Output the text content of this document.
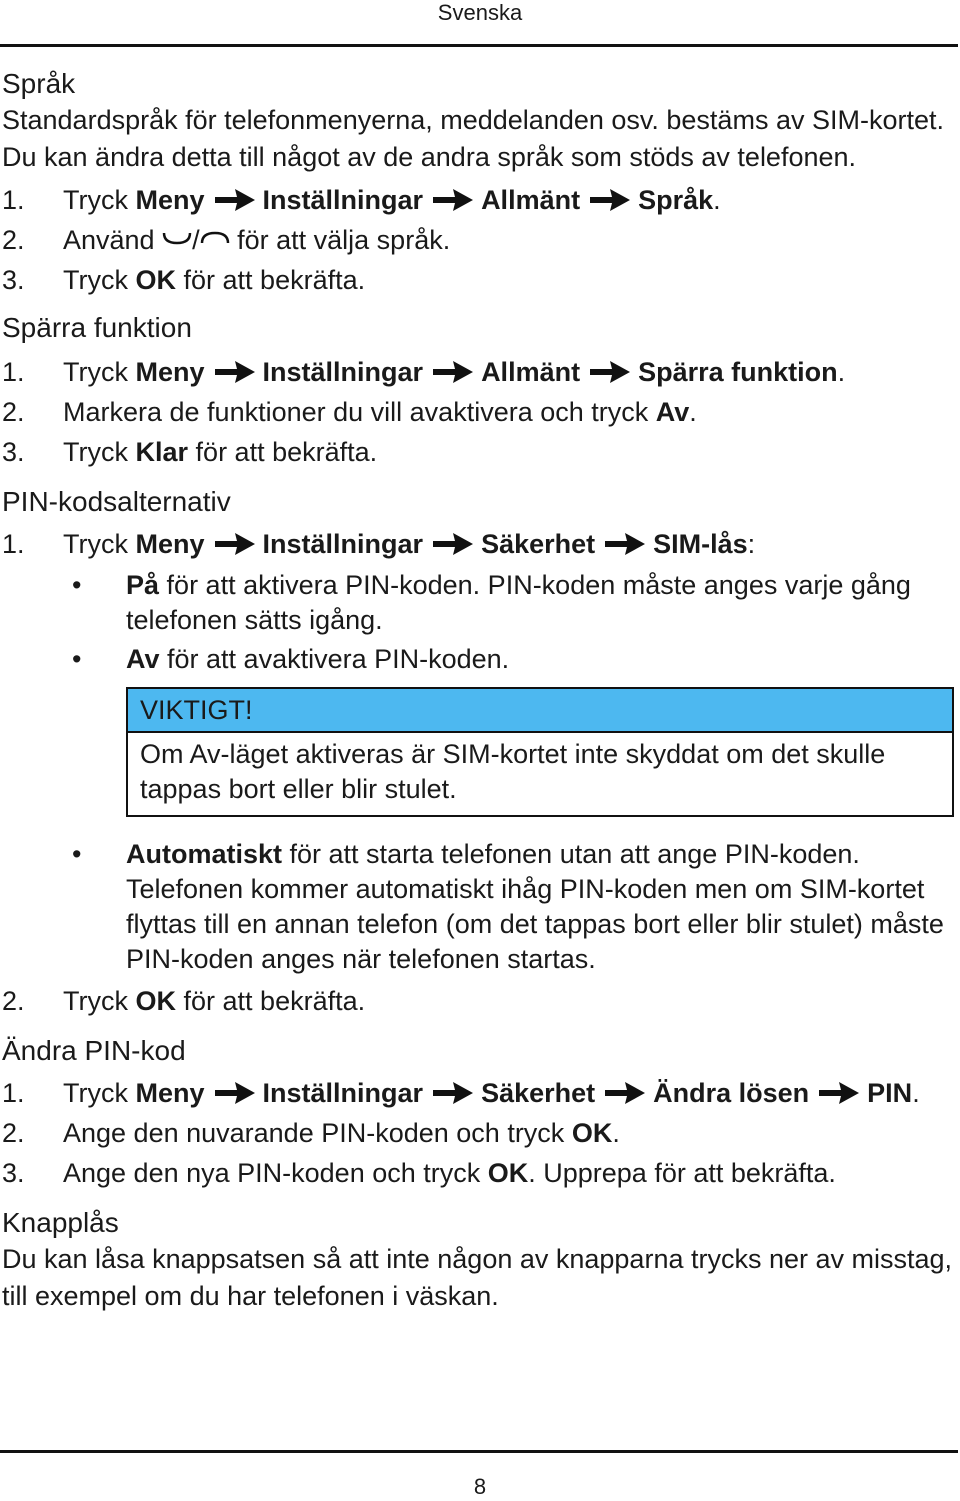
Svenska
Språk

Standardspråk för telefonmenyerna, meddelanden osv. bestäms av SIM-kortet. Du kan ändra detta till något av de andra språk som stöds av telefonen.

1. Tryck Meny Inställningar Allmänt Språk.
2. Använd / för att välja språk.
3. Tryck OK för att bekräfta.
Spärra funktion
1. Tryck Meny Inställningar Allmänt Spärra funktion.
2. Markera de funktioner du vill avaktivera och tryck Av.
3. Tryck Klar för att bekräfta.
PIN-kodsalternativ
1. Tryck Meny Inställningar Säkerhet SIM-lås:
• På för att aktivera PIN-koden. PIN-koden måste anges varje gång telefonen sätts igång.
• Av för att avaktivera PIN-koden.
VIKTIGT!
Om Av-läget aktiveras är SIM-kortet inte skyddat om det skulle tappas bort eller blir stulet.
• Automatiskt för att starta telefonen utan att ange PIN-koden. Telefonen kommer automatiskt ihåg PIN-koden men om SIM-kortet flyttas till en annan telefon (om det tappas bort eller blir stulet) måste PIN-koden anges när telefonen startas.
2. Tryck OK för att bekräfta.
Ändra PIN-kod
1. Tryck Meny Inställningar Säkerhet Ändra lösen PIN.
2. Ange den nuvarande PIN-koden och tryck OK.
3. Ange den nya PIN-koden och tryck OK. Upprepa för att bekräfta.
Knapplås

Du kan låsa knappsatsen så att inte någon av knapparna trycks ner av misstag, till exempel om du har telefonen i väskan.

8
